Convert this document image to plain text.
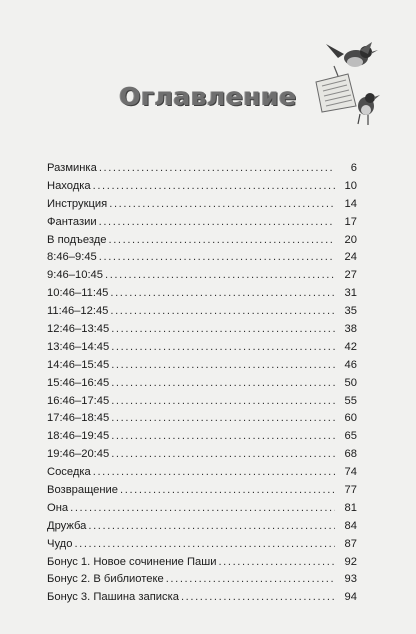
Оглавление
Разминка .....	6
Находка .....	10
Инструкция .....	14
Фантазии .....	17
В подъезде .....	20
8:46–9:45 .....	24
9:46–10:45 .....	27
10:46–11:45 .....	31
11:46–12:45 .....	35
12:46–13:45 .....	38
13:46–14:45 .....	42
14:46–15:45 .....	46
15:46–16:45 .....	50
16:46–17:45 .....	55
17:46–18:45 .....	60
18:46–19:45 .....	65
19:46–20:45 .....	68
Соседка .....	74
Возвращение .....	77
Она .....	81
Дружба .....	84
Чудо .....	87
Бонус 1. Новое сочинение Паши .....	92
Бонус 2. В библиотеке .....	93
Бонус 3. Пашина записка .....	94
